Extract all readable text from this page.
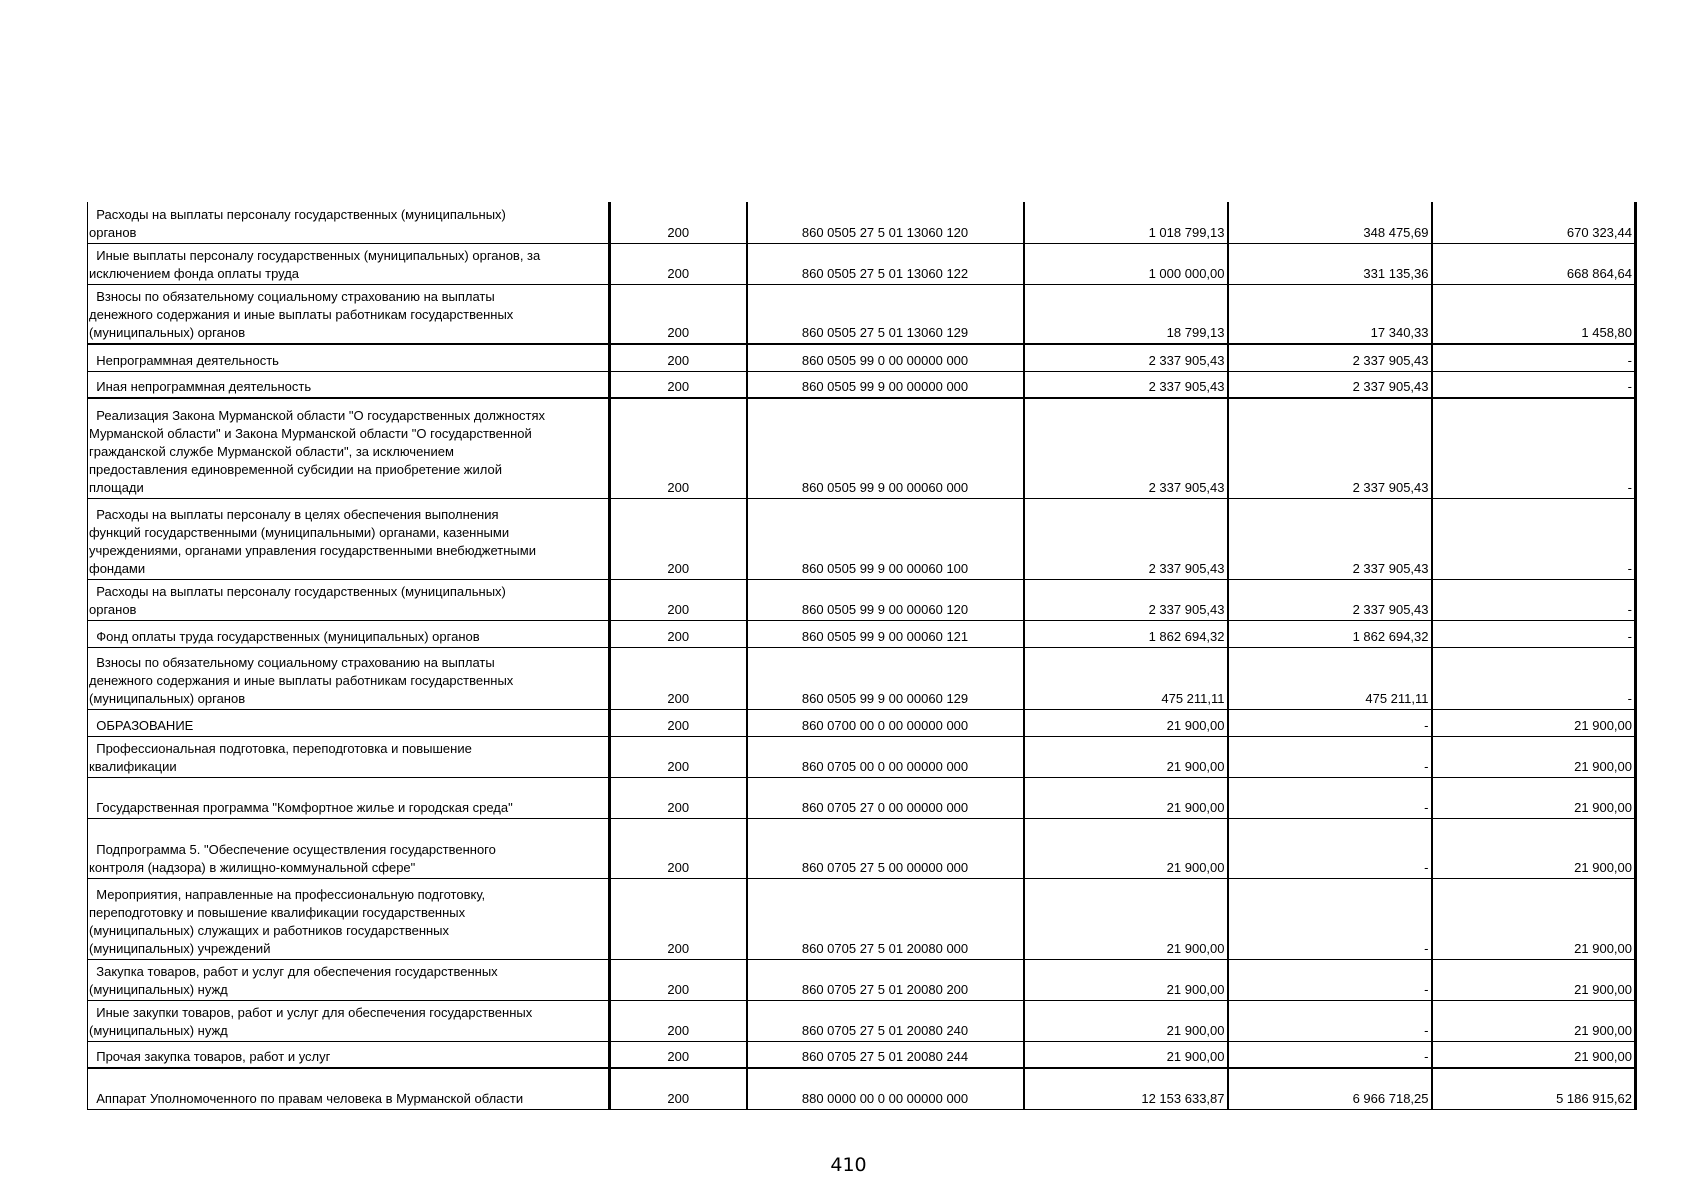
Расходы на выплаты персоналу государственных (муниципальных)
органов	200	860 0505 27 5 01 13060 120	1 018 799,13	348 475,69	670 323,44
Иные выплаты персоналу государственных (муниципальных) органов, за
исключением фонда оплаты труда	200	860 0505 27 5 01 13060 122	1 000 000,00	331 135,36	668 864,64
Взносы по обязательному социальному страхованию на выплаты
денежного содержания и иные выплаты работникам государственных
(муниципальных) органов	200	860 0505 27 5 01 13060 129	18 799,13	17 340,33	1 458,80
Непрограммная деятельность	200	860 0505 99 0 00 00000 000	2 337 905,43	2 337 905,43	-
Иная непрограммная деятельность	200	860 0505 99 9 00 00000 000	2 337 905,43	2 337 905,43	-
Реализация Закона Мурманской области "О государственных должностях
Мурманской области" и Закона Мурманской области "О государственной
гражданской службе Мурманской области", за исключением
предоставления единовременной субсидии на приобретение жилой
площади	200	860 0505 99 9 00 00060 000	2 337 905,43	2 337 905,43	-
Расходы на выплаты персоналу в целях обеспечения выполнения
функций государственными (муниципальными) органами, казенными
учреждениями, органами управления государственными внебюджетными
фондами	200	860 0505 99 9 00 00060 100	2 337 905,43	2 337 905,43	-
Расходы на выплаты персоналу государственных (муниципальных)
органов	200	860 0505 99 9 00 00060 120	2 337 905,43	2 337 905,43	-
Фонд оплаты труда государственных (муниципальных) органов	200	860 0505 99 9 00 00060 121	1 862 694,32	1 862 694,32	-
Взносы по обязательному социальному страхованию на выплаты
денежного содержания и иные выплаты работникам государственных
(муниципальных) органов	200	860 0505 99 9 00 00060 129	475 211,11	475 211,11	-
ОБРАЗОВАНИЕ	200	860 0700 00 0 00 00000 000	21 900,00	-	21 900,00
Профессиональная подготовка, переподготовка и повышение
квалификации	200	860 0705 00 0 00 00000 000	21 900,00	-	21 900,00
Государственная программа "Комфортное жилье и городская среда"	200	860 0705 27 0 00 00000 000	21 900,00	-	21 900,00
Подпрограмма 5. "Обеспечение осуществления государственного
контроля (надзора) в жилищно-коммунальной сфере"	200	860 0705 27 5 00 00000 000	21 900,00	-	21 900,00
Мероприятия, направленные на профессиональную подготовку,
переподготовку и повышение квалификации государственных
(муниципальных) служащих и работников государственных
(муниципальных) учреждений	200	860 0705 27 5 01 20080 000	21 900,00	-	21 900,00
Закупка товаров, работ и услуг для обеспечения государственных
(муниципальных) нужд	200	860 0705 27 5 01 20080 200	21 900,00	-	21 900,00
Иные закупки товаров, работ и услуг для обеспечения государственных
(муниципальных) нужд	200	860 0705 27 5 01 20080 240	21 900,00	-	21 900,00
Прочая закупка товаров, работ и услуг	200	860 0705 27 5 01 20080 244	21 900,00	-	21 900,00
Аппарат Уполномоченного по правам человека в Мурманской области	200	880 0000 00 0 00 00000 000	12 153 633,87	6 966 718,25	5 186 915,62
410
